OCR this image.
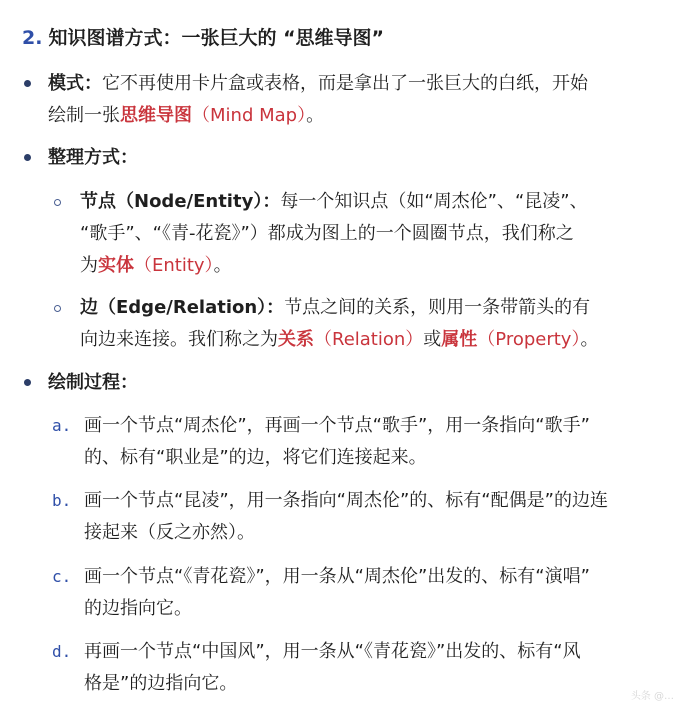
2. 知识图谱方式：一张巨大的 “思维导图”
模式：它不再使用卡片盒或表格，而是拿出了一张巨大的白纸，开始
绘制一张思维导图（Mind Map）。
整理方式：
节点（Node/Entity）：每一个知识点（如“周杰伦”、“昆凌”、
“歌手”、“《青-花瓷》”）都成为图上的一个圆圈节点，我们称之
为实体（Entity）。
边（Edge/Relation）：节点之间的关系，则用一条带箭头的有
向边来连接。我们称之为关系（Relation）或属性（Property）。
绘制过程：
a. 画一个节点“周杰伦”，再画一个节点“歌手”，用一条指向“歌手”
的、标有“职业是”的边，将它们连接起来。
b. 画一个节点“昆凌”，用一条指向“周杰伦”的、标有“配偶是”的边连
接起来（反之亦然）。
c. 画一个节点“《青花瓷》”，用一条从“周杰伦”出发的、标有“演唱”
的边指向它。
d. 再画一个节点“中国风”，用一条从“《青花瓷》”出发的、标有“风
格是”的边指向它。
头条 @…
